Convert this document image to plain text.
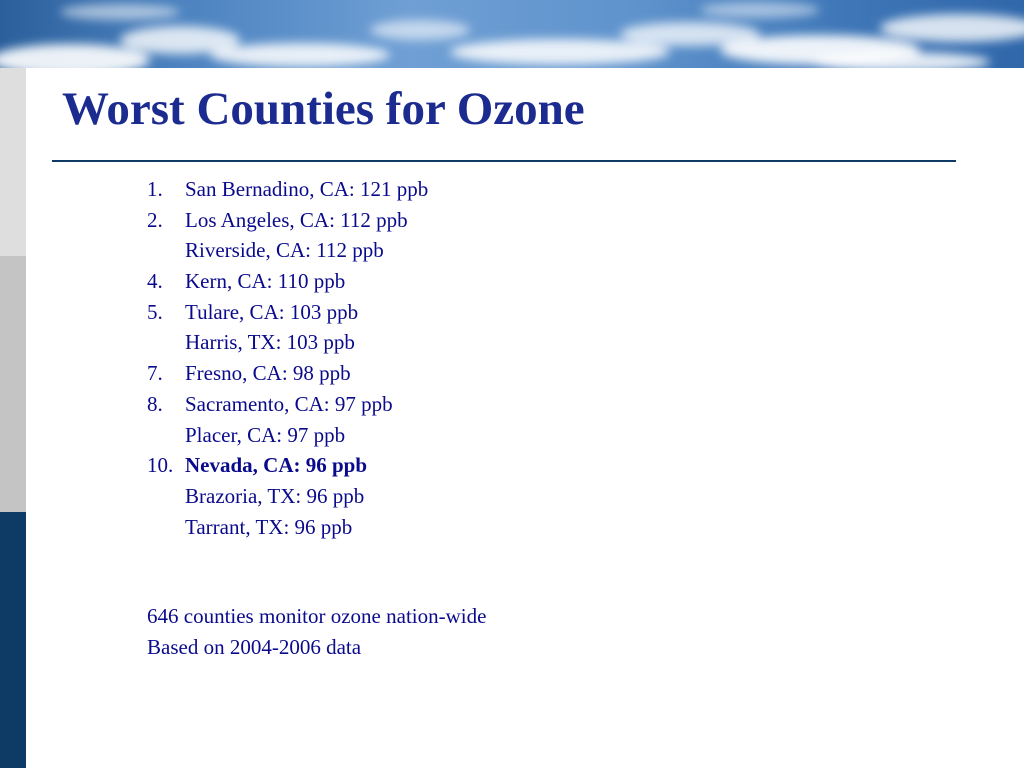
Worst Counties for Ozone
1. San Bernadino, CA: 121 ppb
2. Los Angeles, CA: 112 ppb
Riverside, CA: 112 ppb
4. Kern, CA: 110 ppb
5. Tulare, CA: 103 ppb
Harris, TX: 103 ppb
7. Fresno, CA: 98 ppb
8. Sacramento, CA: 97 ppb
Placer, CA: 97 ppb
10. Nevada, CA: 96 ppb
Brazoria, TX: 96 ppb
Tarrant, TX: 96 ppb
646 counties monitor ozone nation-wide
Based on 2004-2006 data
